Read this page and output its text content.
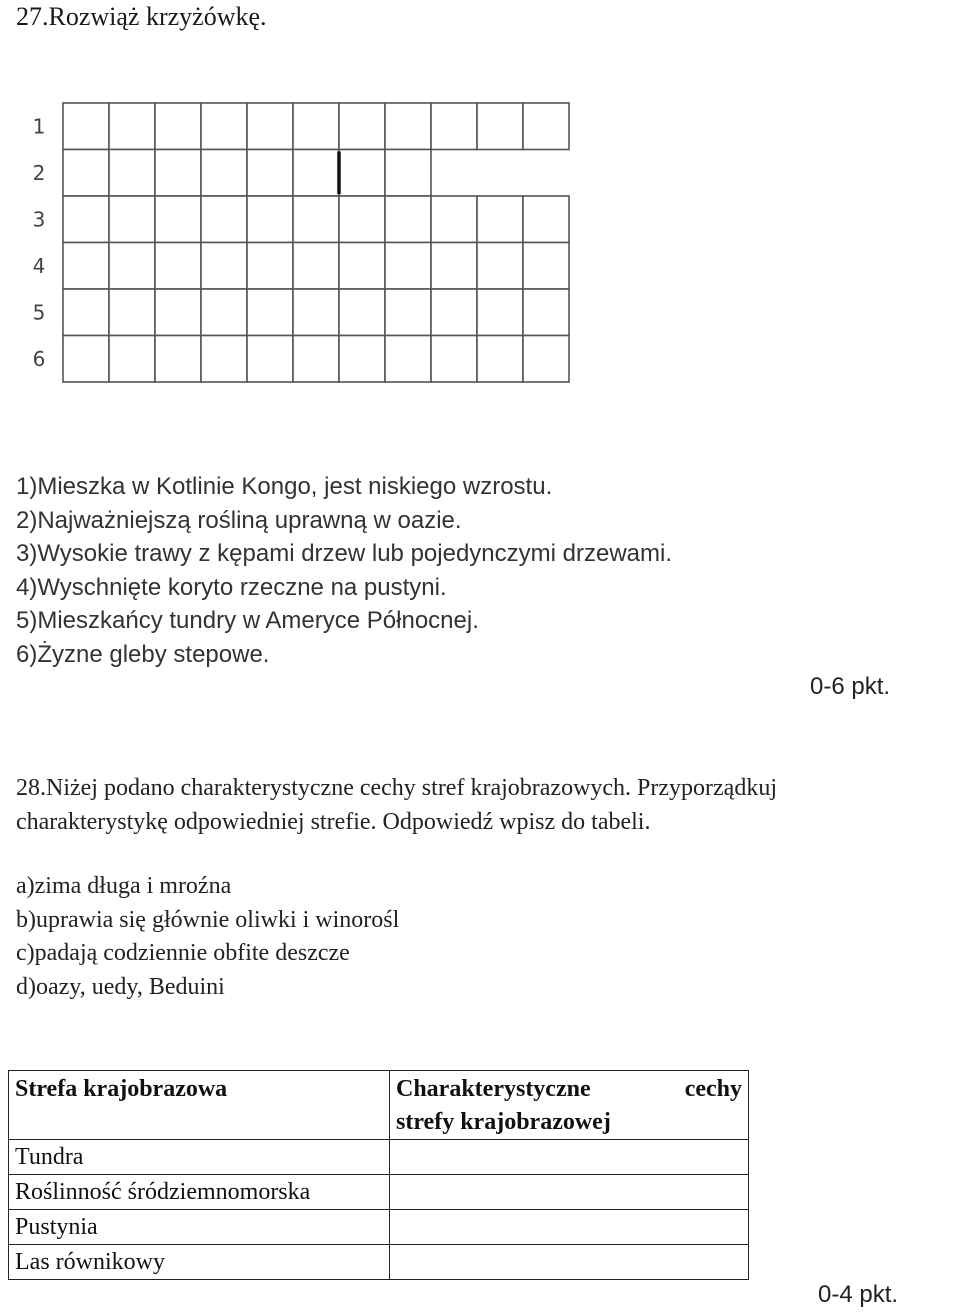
27.Rozwiąż krzyżówkę.
1
2
3
4
5
6
1)Mieszka w Kotlinie Kongo, jest niskiego wzrostu.
2)Najważniejszą rośliną uprawną w oazie.
3)Wysokie trawy z kępami drzew lub pojedynczymi drzewami.
4)Wyschnięte koryto rzeczne na pustyni.
5)Mieszkańcy tundry w Ameryce Północnej.
6)Żyzne gleby stepowe.
0-6 pkt.
28.Niżej podano charakterystyczne cechy stref krajobrazowych. Przyporządkuj
charakterystykę odpowiedniej strefie. Odpowiedź wpisz do tabeli.
a)zima długa i mroźna
b)uprawia się głównie oliwki i winorośl
c)padają codziennie obfite deszcze
d)oazy, uedy, Beduini
Strefa krajobrazowa	Charakterystyczne cechy
strefy krajobrazowej

Tundra	
Roślinność śródziemnomorska	
Pustynia	
Las równikowy	
0-4 pkt.
